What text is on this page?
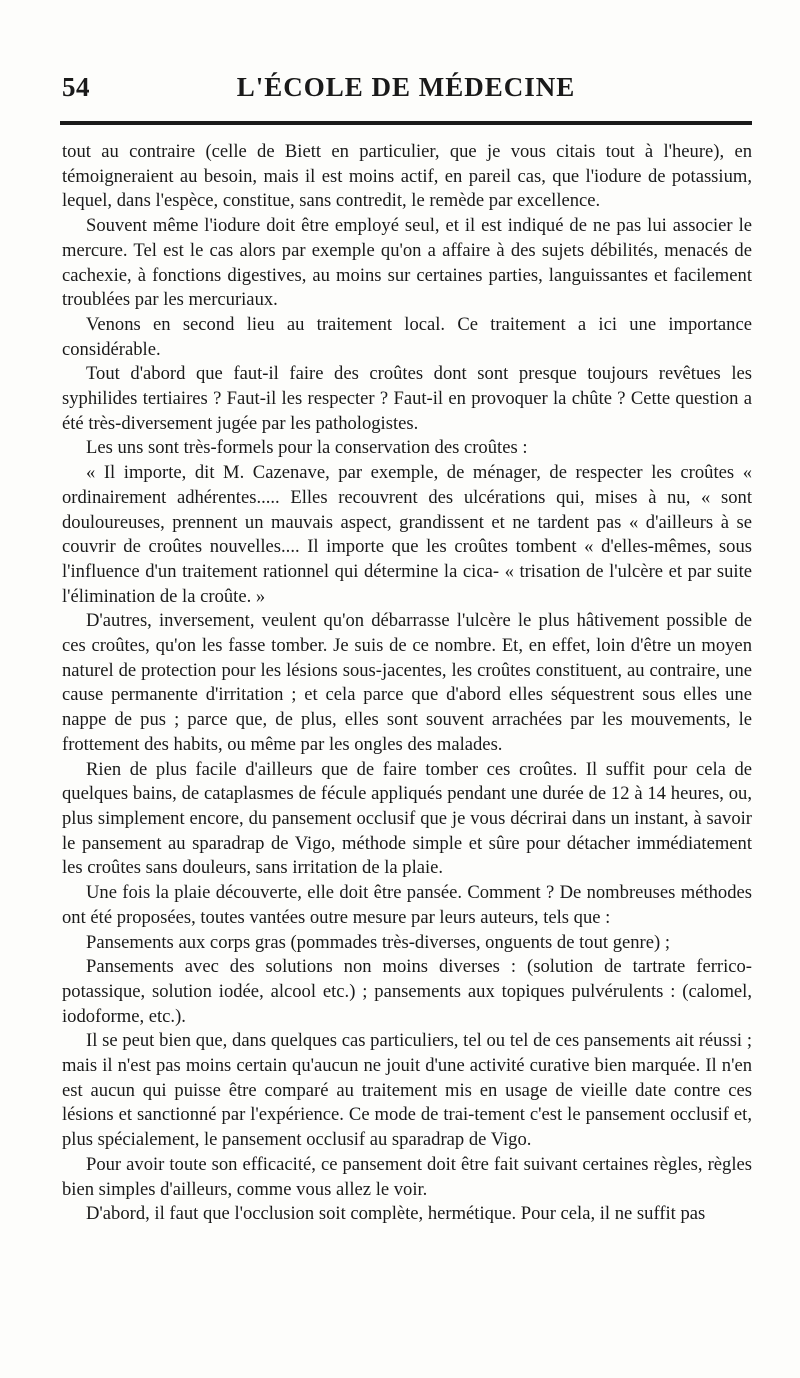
54	L'ÉCOLE DE MÉDECINE

tout au contraire (celle de Biett en particulier, que je vous citais tout à l'heure), en témoigneraient au besoin, mais il est moins actif, en pareil cas, que l'iodure de potassium, lequel, dans l'espèce, constitue, sans contredit, le remède par excellence.

Souvent même l'iodure doit être employé seul, et il est indiqué de ne pas lui associer le mercure. Tel est le cas alors par exemple qu'on a affaire à des sujets débilités, menacés de cachexie, à fonctions digestives, au moins sur certaines parties, languissantes et facilement troublées par les mercuriaux.

Venons en second lieu au traitement local. Ce traitement a ici une importance considérable.

Tout d'abord que faut-il faire des croûtes dont sont presque toujours revêtues les syphilides tertiaires ? Faut-il les respecter ? Faut-il en provoquer la chûte ? Cette question a été très-diversement jugée par les pathologistes.

Les uns sont très-formels pour la conservation des croûtes :

« Il importe, dit M. Cazenave, par exemple, de ménager, de respecter les croûtes « ordinairement adhérentes..... Elles recouvrent des ulcérations qui, mises à nu, « sont douloureuses, prennent un mauvais aspect, grandissent et ne tardent pas « d'ailleurs à se couvrir de croûtes nouvelles.... Il importe que les croûtes tombent « d'elles-mêmes, sous l'influence d'un traitement rationnel qui détermine la cica- « trisation de l'ulcère et par suite l'élimination de la croûte. »

D'autres, inversement, veulent qu'on débarrasse l'ulcère le plus hâtivement possible de ces croûtes, qu'on les fasse tomber. Je suis de ce nombre. Et, en effet, loin d'être un moyen naturel de protection pour les lésions sous-jacentes, les croûtes constituent, au contraire, une cause permanente d'irritation ; et cela parce que d'abord elles séquestrent sous elles une nappe de pus ; parce que, de plus, elles sont souvent arrachées par les mouvements, le frottement des habits, ou même par les ongles des malades.

Rien de plus facile d'ailleurs que de faire tomber ces croûtes. Il suffit pour cela de quelques bains, de cataplasmes de fécule appliqués pendant une durée de 12 à 14 heures, ou, plus simplement encore, du pansement occlusif que je vous décrirai dans un instant, à savoir le pansement au sparadrap de Vigo, méthode simple et sûre pour détacher immédiatement les croûtes sans douleurs, sans irritation de la plaie.

Une fois la plaie découverte, elle doit être pansée. Comment ? De nombreuses méthodes ont été proposées, toutes vantées outre mesure par leurs auteurs, tels que :

Pansements aux corps gras (pommades très-diverses, onguents de tout genre) ;

Pansements avec des solutions non moins diverses : (solution de tartrate ferrico-potassique, solution iodée, alcool etc.) ; pansements aux topiques pulvérulents : (calomel, iodoforme, etc.).

Il se peut bien que, dans quelques cas particuliers, tel ou tel de ces pansements ait réussi ; mais il n'est pas moins certain qu'aucun ne jouit d'une activité curative bien marquée. Il n'en est aucun qui puisse être comparé au traitement mis en usage de vieille date contre ces lésions et sanctionné par l'expérience. Ce mode de trai-tement c'est le pansement occlusif et, plus spécialement, le pansement occlusif au sparadrap de Vigo.

Pour avoir toute son efficacité, ce pansement doit être fait suivant certaines règles, règles bien simples d'ailleurs, comme vous allez le voir.

D'abord, il faut que l'occlusion soit complète, hermétique. Pour cela, il ne suffit pas
